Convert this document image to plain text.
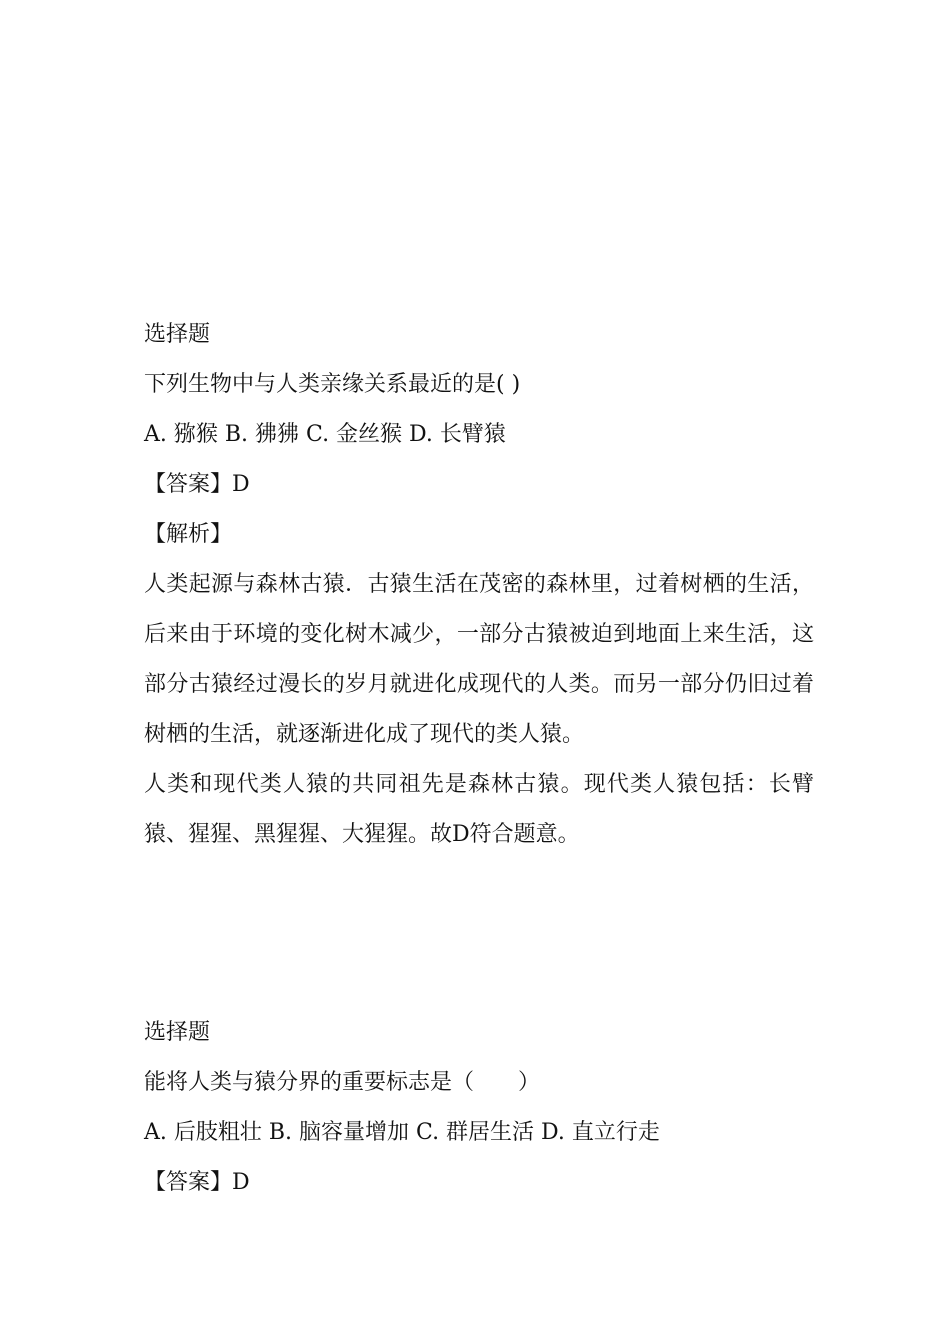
选择题
下列生物中与人类亲缘关系最近的是( )
A. 猕猴 B. 狒狒 C. 金丝猴 D. 长臂猿
【答案】D
【解析】
人类起源与森林古猿．古猿生活在茂密的森林里，过着树栖的生活，后来由于环境的变化树木减少，一部分古猿被迫到地面上来生活，这部分古猿经过漫长的岁月就进化成现代的人类。而另一部分仍旧过着树栖的生活，就逐渐进化成了现代的类人猿。
人类和现代类人猿的共同祖先是森林古猿。现代类人猿包括：长臂猿、猩猩、黑猩猩、大猩猩。故D符合题意。
选择题
能将人类与猿分界的重要标志是（　　）
A. 后肢粗壮 B. 脑容量增加 C. 群居生活 D. 直立行走
【答案】D
